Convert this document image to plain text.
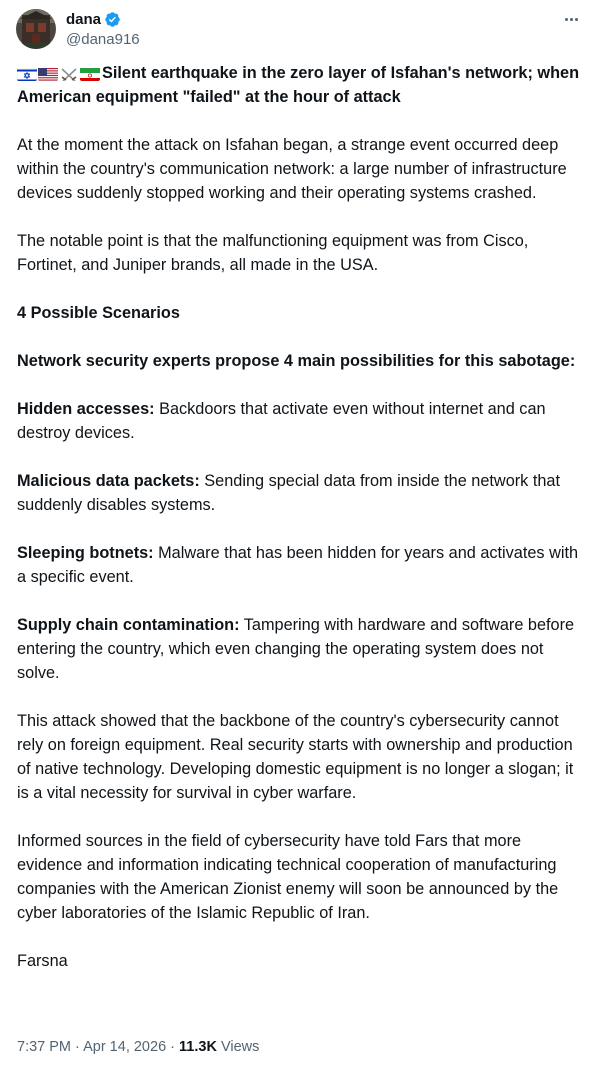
dana
@dana916
Silent earthquake in the zero layer of Isfahan's network; when American equipment "failed" at the hour of attack
At the moment the attack on Isfahan began, a strange event occurred deep within the country's communication network: a large number of infrastructure devices suddenly stopped working and their operating systems crashed.
The notable point is that the malfunctioning equipment was from Cisco, Fortinet, and Juniper brands, all made in the USA.
4 Possible Scenarios
Network security experts propose 4 main possibilities for this sabotage:
Hidden accesses: Backdoors that activate even without internet and can destroy devices.
Malicious data packets: Sending special data from inside the network that suddenly disables systems.
Sleeping botnets: Malware that has been hidden for years and activates with a specific event.
Supply chain contamination: Tampering with hardware and software before entering the country, which even changing the operating system does not solve.
This attack showed that the backbone of the country's cybersecurity cannot rely on foreign equipment. Real security starts with ownership and production of native technology. Developing domestic equipment is no longer a slogan; it is a vital necessity for survival in cyber warfare.
Informed sources in the field of cybersecurity have told Fars that more evidence and information indicating technical cooperation of manufacturing companies with the American Zionist enemy will soon be announced by the cyber laboratories of the Islamic Republic of Iran.
Farsna
7:37 PM · Apr 14, 2026 · 11.3K Views
